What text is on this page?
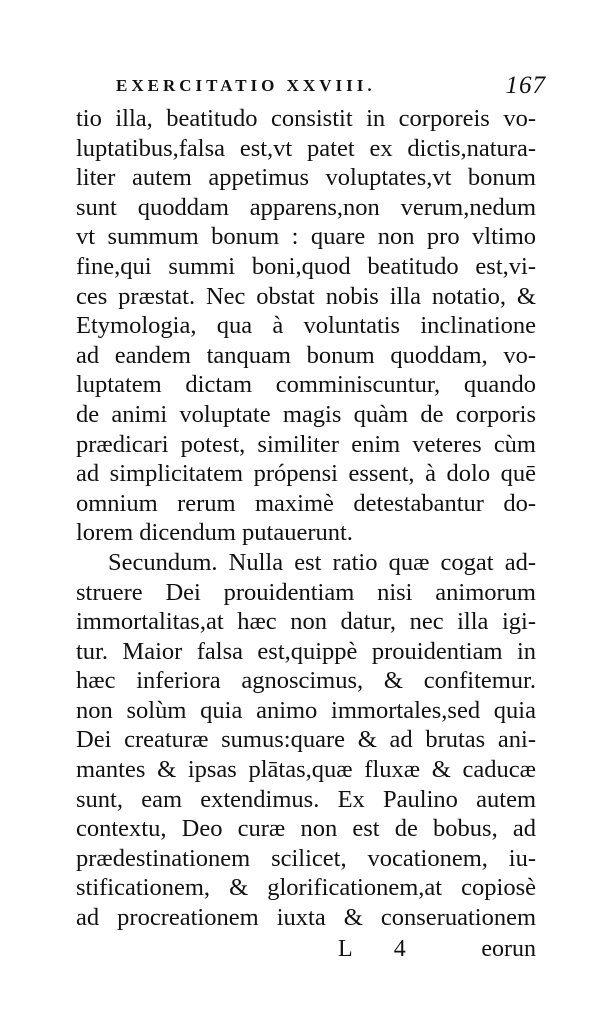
EXERCITATIO XXVIII.	167
tio illa, beatitudo consistit in corporeis vo-
luptatibus,falsa est,vt patet ex dictis,natura-
liter autem appetimus voluptates,vt bonum
sunt quoddam apparens,non verum,nedum
vt summum bonum : quare non pro vltimo
fine,qui summi boni,quod beatitudo est,vi-
ces præstat. Nec obstat nobis illa notatio, &
Etymologia, qua à voluntatis inclinatione
ad eandem tanquam bonum quoddam, vo-
luptatem dictam comminiscuntur, quando
de animi voluptate magis quàm de corporis
prædicari potest, similiter enim veteres cùm
ad simplicitatem própensi essent, à dolo quē
omnium rerum maximè detestabantur do-
lorem dicendum putauerunt.
Secundum. Nulla est ratio quæ cogat ad-
struere Dei prouidentiam nisi animorum
immortalitas,at hæc non datur, nec illa igi-
tur. Maior falsa est,quippè prouidentiam in
hæc inferiora agnoscimus, & confitemur.
non solùm quia animo immortales,sed quia
Dei creaturæ sumus:quare & ad brutas ani-
mantes & ipsas plātas,quæ fluxæ & caducæ
sunt, eam extendimus. Ex Paulino autem
contextu, Deo curæ non est de bobus, ad
prædestinationem scilicet, vocationem, iu-
stificationem, & glorificationem,at copiosè
ad procreationem iuxta & conseruationem
L 4 eorun
